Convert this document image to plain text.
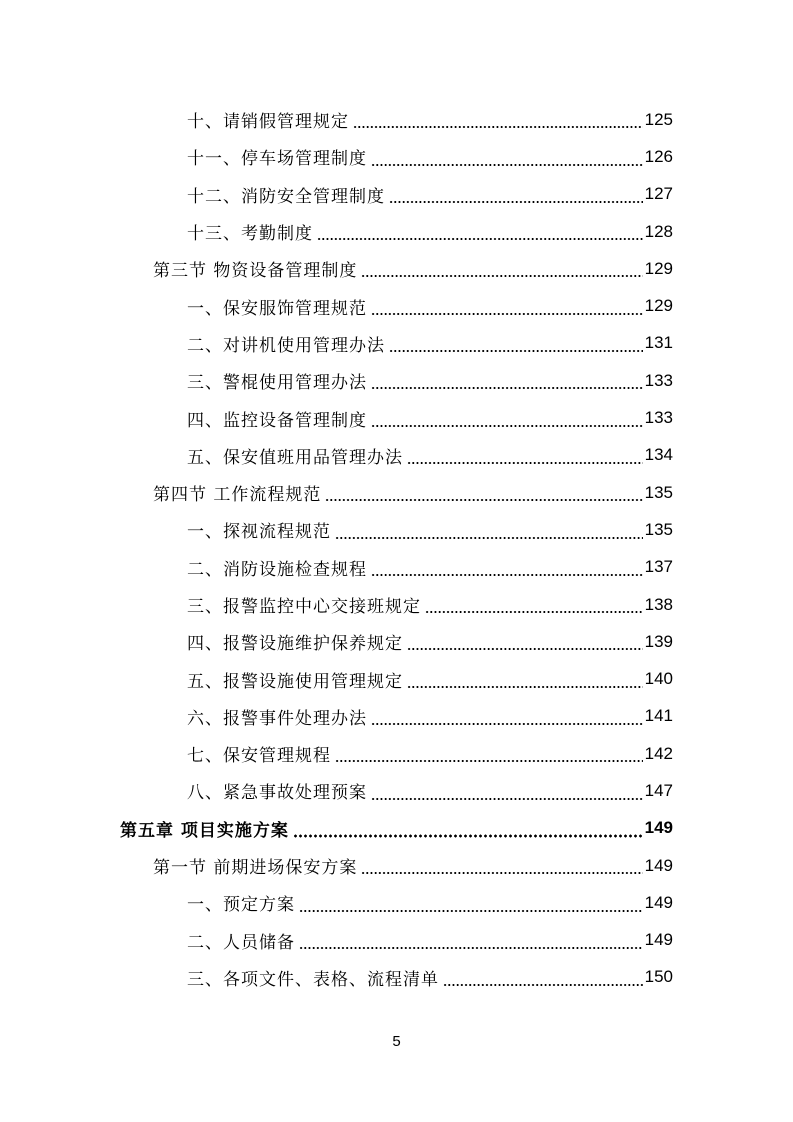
十、请销假管理规定	125
十一、停车场管理制度	126
十二、消防安全管理制度	127
十三、考勤制度	128
第三节 物资设备管理制度	129
一、保安服饰管理规范	129
二、对讲机使用管理办法	131
三、警棍使用管理办法	133
四、监控设备管理制度	133
五、保安值班用品管理办法	134
第四节 工作流程规范	135
一、探视流程规范	135
二、消防设施检查规程	137
三、报警监控中心交接班规定	138
四、报警设施维护保养规定	139
五、报警设施使用管理规定	140
六、报警事件处理办法	141
七、保安管理规程	142
八、紧急事故处理预案	147
第五章 项目实施方案	149
第一节 前期进场保安方案	149
一、预定方案	149
二、人员储备	149
三、各项文件、表格、流程清单	150
5
